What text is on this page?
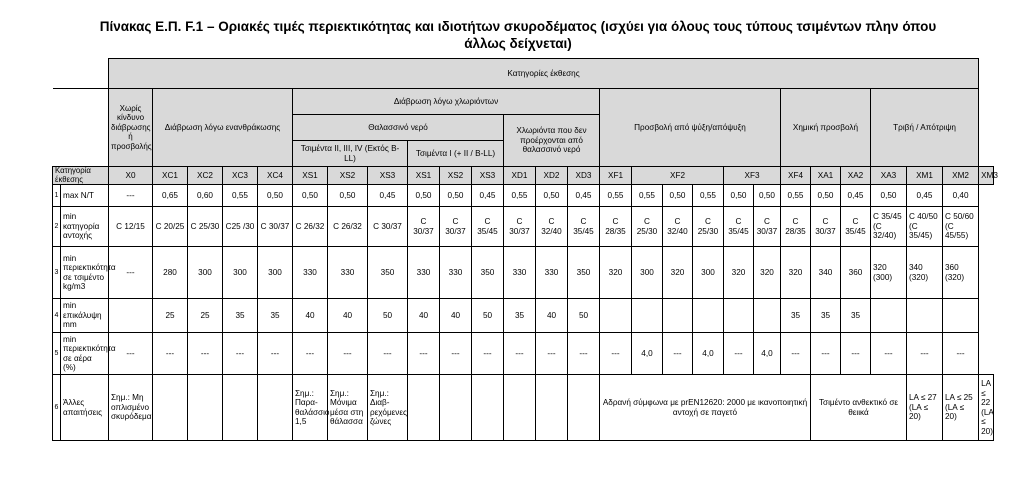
Πίνακας Ε.Π. F.1 – Οριακές τιμές περιεκτικότητας και ιδιοτήτων σκυροδέματος (ισχύει για όλους τους τύπους τσιμέντων πλην όπου
άλλως δείχνεται)
		Κατηγορίες έκθεσης																										
		Χωρίς κίνδυνο διάβρωσης ή προσβολής	Διάβρωση λόγω ενανθράκωσης				Διάβρωση λόγω χλωριόντων									Προσβολή από ψύξη/απόψυξη						Χημική προσβολή			Τριβή / Απότριψη			
							Θαλασσινό νερό						Χλωριόντα που δεν προέρχονται από θαλασσινό νερό															
							Τσιμέντα II, III, IV (Εκτός B-LL)			Τσιμέντα I (+ II / B-LL)																		
Κατηγορία έκθεσης		X0	XC1	XC2	XC3	XC4	XS1	XS2	XS3	XS1	XS2	XS3	XD1	XD2	XD3	XF1	XF2			XF3		XF4	XA1	XA2	XA3	XM1	XM2	XM3
1	max N/T	---	0,65	0,60	0,55	0,50	0,50	0,50	0,45	0,50	0,50	0,45	0,55	0,50	0,45	0,55	0,55	0,50	0,55	0,50	0,50	0,55	0,50	0,45	0,50	0,45	0,40	
2	min κατηγορία αντοχής	C 12/15	C 20/25	C 25/30	C25 /30	C 30/37	C 26/32	C 26/32	C 30/37	C 30/37	C 30/37	C 35/45	C 30/37	C 32/40	C 35/45	C 28/35	C 25/30	C 32/40	C 25/30	C 35/45	C 30/37	C 28/35	C 30/37	C 35/45	C 35/45 (C 32/40)	C 40/50 (C 35/45)	C 50/60 (C 45/55)	
3	min περιεκτικότητα σε τσιμέντο kg/m3	---	280	300	300	300	330	330	350	330	330	350	330	330	350	320	300	320	300	320	320	320	340	360	320 (300)	340 (320)	360 (320)	
4	min επικάλυψη mm		25	25	35	35	40	40	50	40	40	50	35	40	50							35	35	35				
5	min περιεκτικότητα σε αέρα (%)	---	---	---	---	---	---	---	---	---	---	---	---	---	---	---	4,0	---	4,0	---	4,0	---	---	---	---	---	---	
6	Άλλες απαιτήσεις	Σημ.: Μη οπλισμένο σκυρόδεμα					Σημ.: Παρα-θαλάσσιο 1,5	Σημ.: Μόνιμα μέσα στη θάλασσα	Σημ.: Διαβ-ρεχόμενες ζώνες							Αδρανή σύμφωνα με prEN12620: 2000 με ικανοποιητική αντοχή σε παγετό							Τσιμέντο ανθεκτικό σε θειικά			LA ≤ 27 (LA ≤ 20)	LA ≤ 25 (LA ≤ 20)	LA ≤ 22 (LA ≤ 20)
